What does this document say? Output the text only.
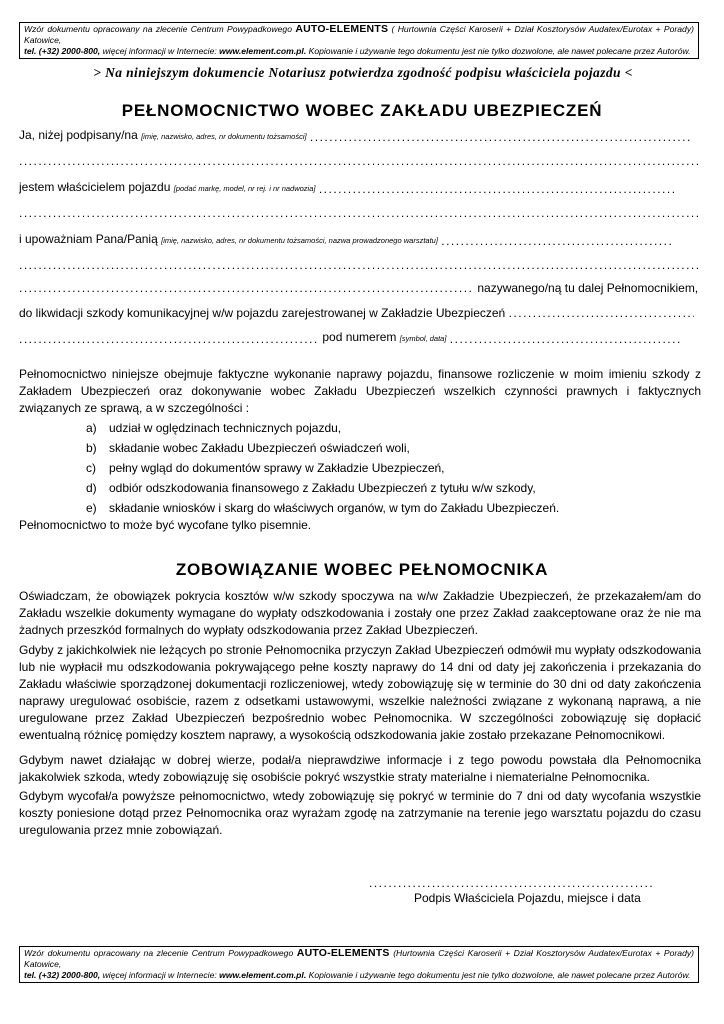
Wzór dokumentu opracowany na zlecenie Centrum Powypadkowego AUTO-ELEMENTS ( Hurtownia Części Karoserii + Dział Kosztorysów Audatex/Eurotax + Porady) Katowice,
tel. (+32) 2000-800, więcej informacji w Internecie: www.element.com.pl. Kopiowanie i używanie tego dokumentu jest nie tylko dozwolone, ale nawet polecane przez Autorów.
> Na niniejszym dokumencie Notariusz potwierdza zgodność podpisu właściciela pojazdu <
PEŁNOMOCNICTWO WOBEC ZAKŁADU UBEZPIECZEŃ
Ja, niżej podpisany/na [imię, nazwisko, adres, nr dokumentu tożsamości] .....
.....
jestem właścicielem pojazdu [podać markę, model, nr rej. i nr nadwozia] .....
.....
i upoważniam Pana/Panią [imię, nazwisko, adres, nr dokumentu tożsamości, nazwa prowadzonego warsztatu] .....
.....
..... nazywanego/ną tu dalej Pełnomocnikiem,
do likwidacji szkody komunikacyjnej w/w pojazdu zarejestrowanej w Zakładzie Ubezpieczeń .....
..... pod numerem [symbol, data] .....

Pełnomocnictwo niniejsze obejmuje faktyczne wykonanie naprawy pojazdu, finansowe rozliczenie w moim imieniu szkody z Zakładem Ubezpieczeń oraz dokonywanie wobec Zakładu Ubezpieczeń wszelkich czynności prawnych i faktycznych związanych ze sprawą, a w szczególności :

a) udział w oględzinach technicznych pojazdu,
b) składanie wobec Zakładu Ubezpieczeń oświadczeń woli,
c) pełny wgląd do dokumentów sprawy w Zakładzie Ubezpieczeń,
d) odbiór odszkodowania finansowego z Zakładu Ubezpieczeń z tytułu w/w szkody,
e) składanie wniosków i skarg do właściwych organów, w tym do Zakładu Ubezpieczeń.

Pełnomocnictwo to może być wycofane tylko pisemnie.

ZOBOWIĄZANIE WOBEC PEŁNOMOCNIKA

Oświadczam, że obowiązek pokrycia kosztów w/w szkody spoczywa na w/w Zakładzie Ubezpieczeń, że przekazałem/am do Zakładu wszelkie dokumenty wymagane do wypłaty odszkodowania i zostały one przez Zakład zaakceptowane oraz że nie ma żadnych przeszkód formalnych do wypłaty odszkodowania przez Zakład Ubezpieczeń.

Gdyby z jakichkolwiek nie leżących po stronie Pełnomocnika przyczyn Zakład Ubezpieczeń odmówił mu wypłaty odszkodowania lub nie wypłacił mu odszkodowania pokrywającego pełne koszty naprawy do 14 dni od daty jej zakończenia i przekazania do Zakładu właściwie sporządzonej dokumentacji rozliczeniowej, wtedy zobowiązuję się w terminie do 30 dni od daty zakończenia naprawy uregulować osobiście, razem z odsetkami ustawowymi, wszelkie należności związane z wykonaną naprawą, a nie uregulowane przez Zakład Ubezpieczeń bezpośrednio wobec Pełnomocnika. W szczególności zobowiązuję się dopłacić ewentualną różnicę pomiędzy kosztem naprawy, a wysokością odszkodowania jakie zostało przekazane Pełnomocnikowi.

Gdybym nawet działając w dobrej wierze, podał/a nieprawdziwe informacje i z tego powodu powstała dla Pełnomocnika jakakolwiek szkoda, wtedy zobowiązuję się osobiście pokryć wszystkie straty materialne i niematerialne Pełnomocnika.

Gdybym wycofał/a powyższe pełnomocnictwo, wtedy zobowiązuję się pokryć w terminie do 7 dni od daty wycofania wszystkie koszty poniesione dotąd przez Pełnomocnika oraz wyrażam zgodę na zatrzymanie na terenie jego warsztatu pojazdu do czasu uregulowania przez mnie zobowiązań.

...........................................................
Podpis Właściciela Pojazdu, miejsce i data
Wzór dokumentu opracowany na zlecenie Centrum Powypadkowego AUTO-ELEMENTS (Hurtownia Części Karoserii + Dział Kosztorysów Audatex/Eurotax + Porady) Katowice,
tel. (+32) 2000-800, więcej informacji w Internecie: www.element.com.pl. Kopiowanie i używanie tego dokumentu jest nie tylko dozwolone, ale nawet polecane przez Autorów.
